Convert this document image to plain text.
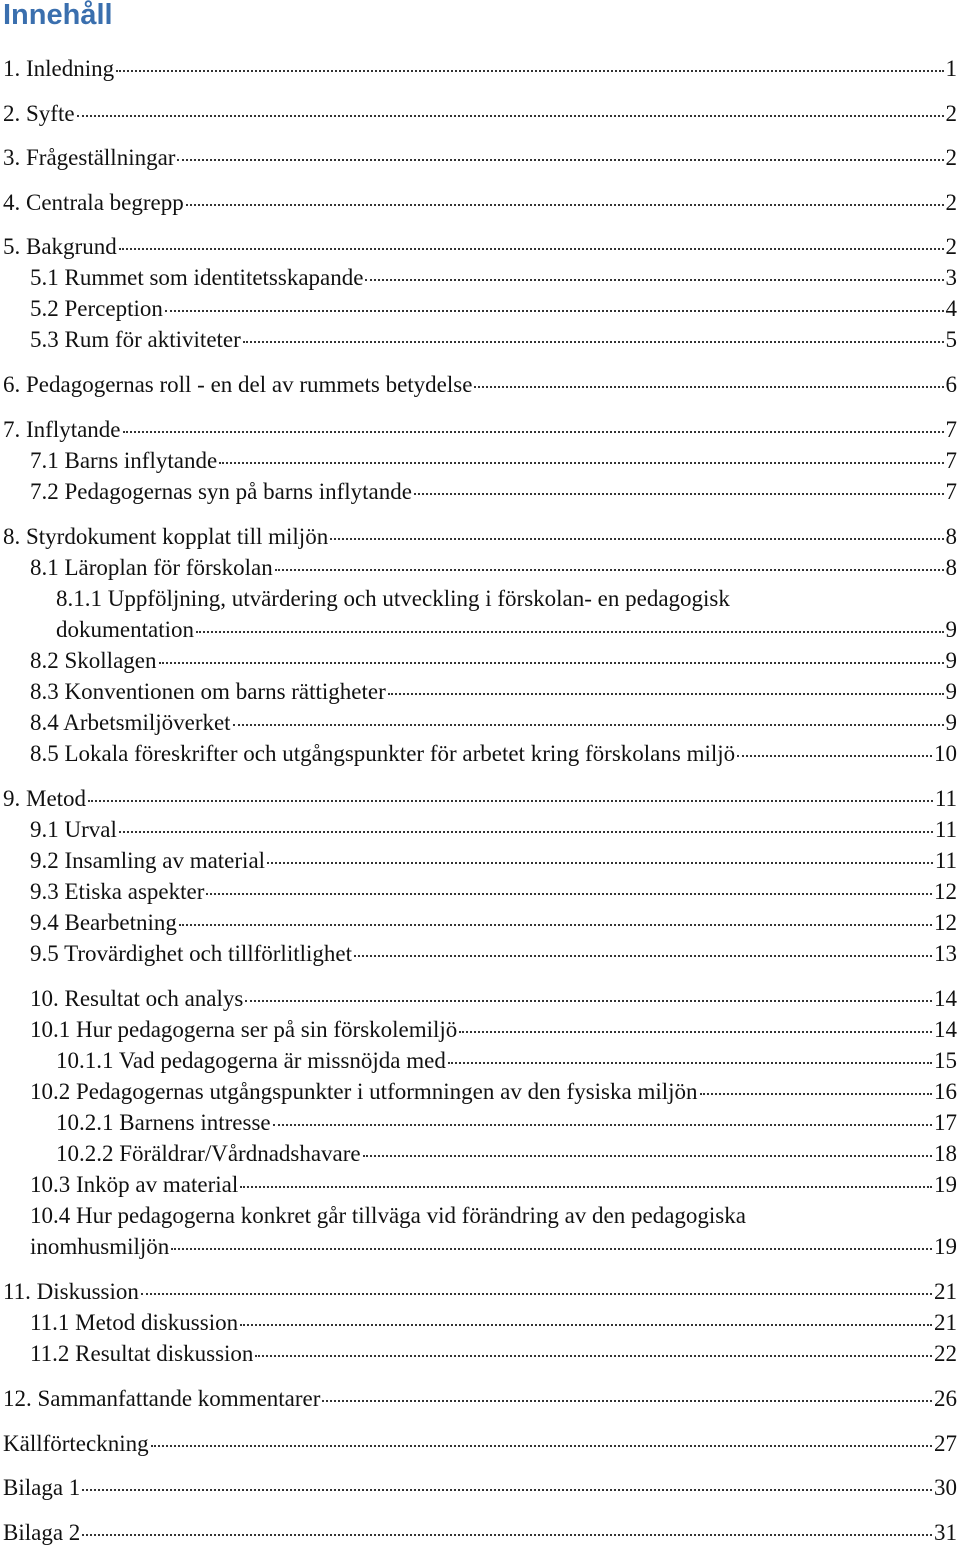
Innehåll
1. Inledning	1
2. Syfte	2
3. Frågeställningar	2
4. Centrala begrepp	2
5. Bakgrund	2
5.1 Rummet som identitetsskapande	3
5.2 Perception	4
5.3 Rum för aktiviteter	5
6. Pedagogernas roll - en del av rummets betydelse	6
7. Inflytande	7
7.1 Barns inflytande	7
7.2 Pedagogernas syn på barns inflytande	7
8. Styrdokument kopplat till miljön	8
8.1 Läroplan för förskolan	8
8.1.1 Uppföljning, utvärdering och utveckling i förskolan- en pedagogisk
dokumentation	9
8.2 Skollagen	9
8.3 Konventionen om barns rättigheter	9
8.4 Arbetsmiljöverket	9
8.5 Lokala föreskrifter och utgångspunkter för arbetet kring förskolans miljö	10
9. Metod	11
9.1 Urval	11
9.2 Insamling av material	11
9.3 Etiska aspekter	12
9.4 Bearbetning	12
9.5 Trovärdighet och tillförlitlighet	13
10. Resultat och analys	14
10.1 Hur pedagogerna ser på sin förskolemiljö	14
10.1.1 Vad pedagogerna är missnöjda med	15
10.2 Pedagogernas utgångspunkter i utformningen av den fysiska miljön	16
10.2.1 Barnens intresse	17
10.2.2 Föräldrar/Vårdnadshavare	18
10.3 Inköp av material	19
10.4 Hur pedagogerna konkret går tillväga vid förändring av den pedagogiska
inomhusmiljön	19
11. Diskussion	21
11.1 Metod diskussion	21
11.2 Resultat diskussion	22
12. Sammanfattande kommentarer	26
Källförteckning	27
Bilaga 1	30
Bilaga 2	31
